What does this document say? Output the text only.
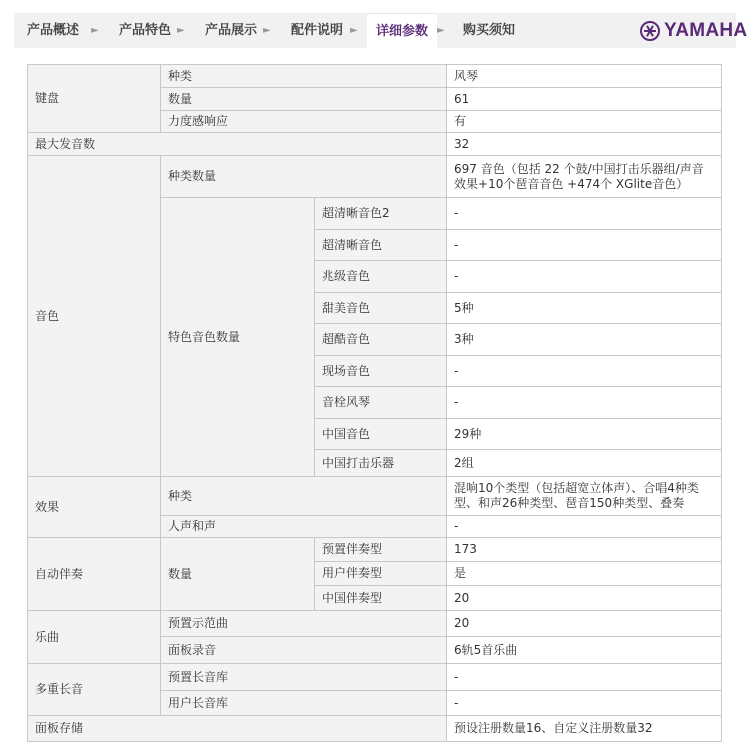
产品概述	►	产品特色 ►	产品展示 ►	配件说明 ►	详细参数 ►	购买须知	YAMAHA
键盘	种类		风琴
	数量		61
	力度感响应		有
最大发音数			32
音色	种类数量		697 音色（包括 22 个鼓/中国打击乐器组/声音效果+10个琶音音色 +474个 XGlite音色）
	特色音色数量	超清晰音色2	-
		超清晰音色	-
		兆级音色	-
		甜美音色	5种
		超酷音色	3种
		现场音色	-
		音栓风琴	-
		中国音色	29种
		中国打击乐器	2组
效果	种类		混响10个类型（包括超宽立体声）、合唱4种类型、和声26种类型、琶音150种类型、叠奏
	人声和声		-
自动伴奏	数量	预置伴奏型	173
		用户伴奏型	是
		中国伴奏型	20
乐曲	预置示范曲		20
	面板录音		6轨5首乐曲
多重长音	预置长音库		-
	用户长音库		-
面板存储			预设注册数量16、自定义注册数量32
